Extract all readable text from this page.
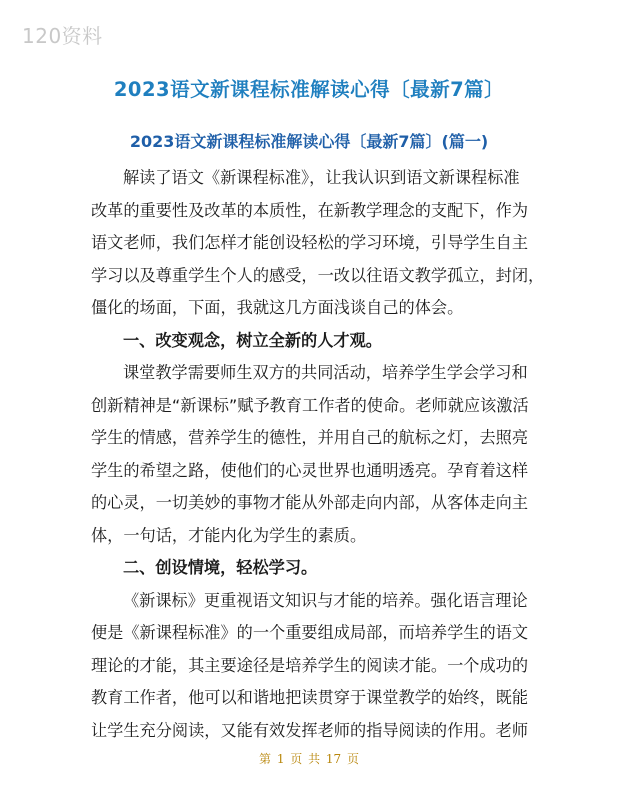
120资料
2023语文新课程标准解读心得〔最新7篇〕
2023语文新课程标准解读心得〔最新7篇〕(篇一)
解读了语文《新课程标准》，让我认识到语文新课程标准
改革的重要性及改革的本质性，在新教学理念的支配下，作为
语文老师，我们怎样才能创设轻松的学习环境，引导学生自主
学习以及尊重学生个人的感受，一改以往语文教学孤立，封闭，
僵化的场面，下面，我就这几方面浅谈自己的体会。
一、改变观念，树立全新的人才观。
课堂教学需要师生双方的共同活动，培养学生学会学习和
创新精神是“新课标”赋予教育工作者的使命。老师就应该激活
学生的情感，营养学生的德性，并用自己的航标之灯，去照亮
学生的希望之路，使他们的心灵世界也通明透亮。孕育着这样
的心灵，一切美妙的事物才能从外部走向内部，从客体走向主
体，一句话，才能内化为学生的素质。
二、创设情境，轻松学习。
《新课标》更重视语文知识与才能的培养。强化语言理论
便是《新课程标准》的一个重要组成局部，而培养学生的语文
理论的才能，其主要途径是培养学生的阅读才能。一个成功的
教育工作者，他可以和谐地把读贯穿于课堂教学的始终，既能
让学生充分阅读，又能有效发挥老师的指导阅读的作用。老师
第 1 页 共 17 页
